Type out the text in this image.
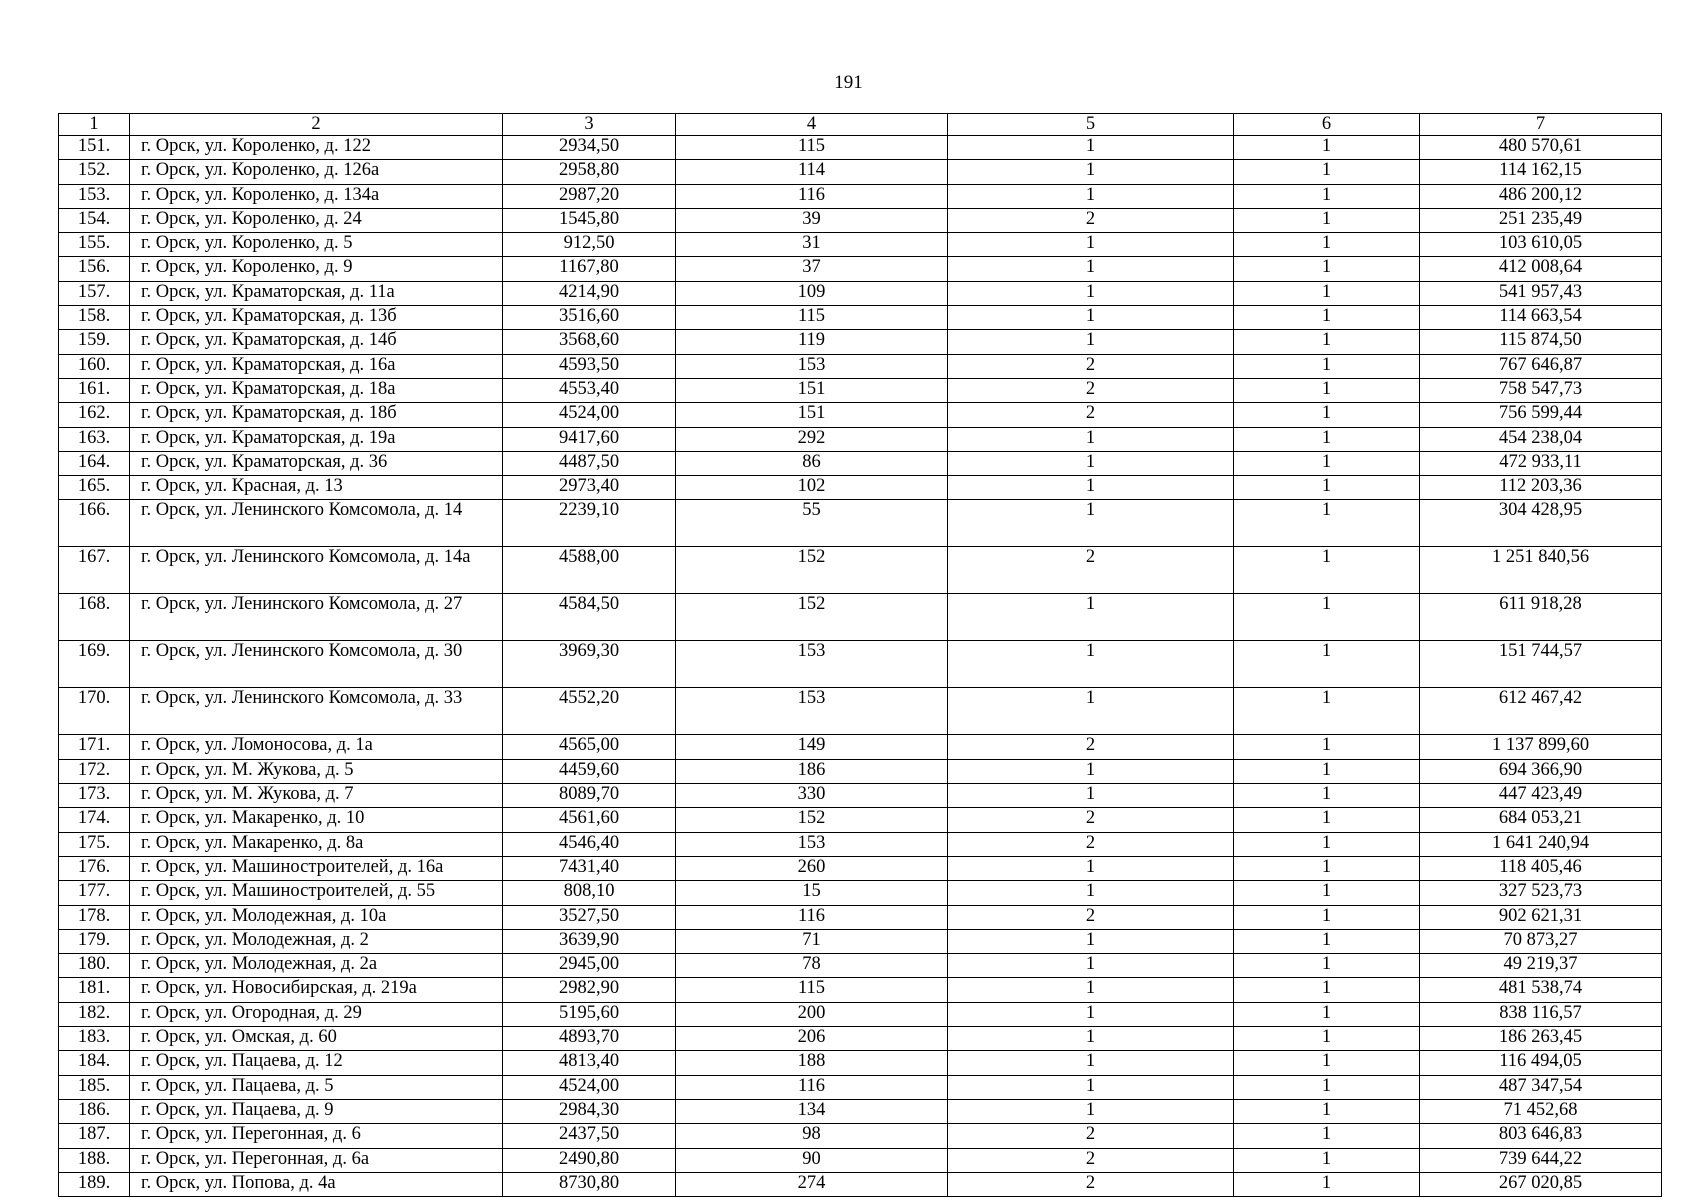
191
1	2	3	4	5	6	7
151.	г. Орск, ул. Короленко, д. 122	2934,50	115	1	1	480 570,61
152.	г. Орск, ул. Короленко, д. 126а	2958,80	114	1	1	114 162,15
153.	г. Орск, ул. Короленко, д. 134а	2987,20	116	1	1	486 200,12
154.	г. Орск, ул. Короленко, д. 24	1545,80	39	2	1	251 235,49
155.	г. Орск, ул. Короленко, д. 5	912,50	31	1	1	103 610,05
156.	г. Орск, ул. Короленко, д. 9	1167,80	37	1	1	412 008,64
157.	г. Орск, ул. Краматорская, д. 11а	4214,90	109	1	1	541 957,43
158.	г. Орск, ул. Краматорская, д. 13б	3516,60	115	1	1	114 663,54
159.	г. Орск, ул. Краматорская, д. 14б	3568,60	119	1	1	115 874,50
160.	г. Орск, ул. Краматорская, д. 16а	4593,50	153	2	1	767 646,87
161.	г. Орск, ул. Краматорская, д. 18а	4553,40	151	2	1	758 547,73
162.	г. Орск, ул. Краматорская, д. 18б	4524,00	151	2	1	756 599,44
163.	г. Орск, ул. Краматорская, д. 19а	9417,60	292	1	1	454 238,04
164.	г. Орск, ул. Краматорская, д. 36	4487,50	86	1	1	472 933,11
165.	г. Орск, ул. Красная, д. 13	2973,40	102	1	1	112 203,36
166.	г. Орск, ул. Ленинского Комсомола, д. 14	2239,10	55	1	1	304 428,95
167.	г. Орск, ул. Ленинского Комсомола, д. 14а	4588,00	152	2	1	1 251 840,56
168.	г. Орск, ул. Ленинского Комсомола, д. 27	4584,50	152	1	1	611 918,28
169.	г. Орск, ул. Ленинского Комсомола, д. 30	3969,30	153	1	1	151 744,57
170.	г. Орск, ул. Ленинского Комсомола, д. 33	4552,20	153	1	1	612 467,42
171.	г. Орск, ул. Ломоносова, д. 1а	4565,00	149	2	1	1 137 899,60
172.	г. Орск, ул. М. Жукова, д. 5	4459,60	186	1	1	694 366,90
173.	г. Орск, ул. М. Жукова, д. 7	8089,70	330	1	1	447 423,49
174.	г. Орск, ул. Макаренко, д. 10	4561,60	152	2	1	684 053,21
175.	г. Орск, ул. Макаренко, д. 8а	4546,40	153	2	1	1 641 240,94
176.	г. Орск, ул. Машиностроителей, д. 16а	7431,40	260	1	1	118 405,46
177.	г. Орск, ул. Машиностроителей, д. 55	808,10	15	1	1	327 523,73
178.	г. Орск, ул. Молодежная, д. 10а	3527,50	116	2	1	902 621,31
179.	г. Орск, ул. Молодежная, д. 2	3639,90	71	1	1	70 873,27
180.	г. Орск, ул. Молодежная, д. 2а	2945,00	78	1	1	49 219,37
181.	г. Орск, ул. Новосибирская, д. 219а	2982,90	115	1	1	481 538,74
182.	г. Орск, ул. Огородная, д. 29	5195,60	200	1	1	838 116,57
183.	г. Орск, ул. Омская, д. 60	4893,70	206	1	1	186 263,45
184.	г. Орск, ул. Пацаева, д. 12	4813,40	188	1	1	116 494,05
185.	г. Орск, ул. Пацаева, д. 5	4524,00	116	1	1	487 347,54
186.	г. Орск, ул. Пацаева, д. 9	2984,30	134	1	1	71 452,68
187.	г. Орск, ул. Перегонная, д. 6	2437,50	98	2	1	803 646,83
188.	г. Орск, ул. Перегонная, д. 6а	2490,80	90	2	1	739 644,22
189.	г. Орск, ул. Попова, д. 4а	8730,80	274	2	1	267 020,85
